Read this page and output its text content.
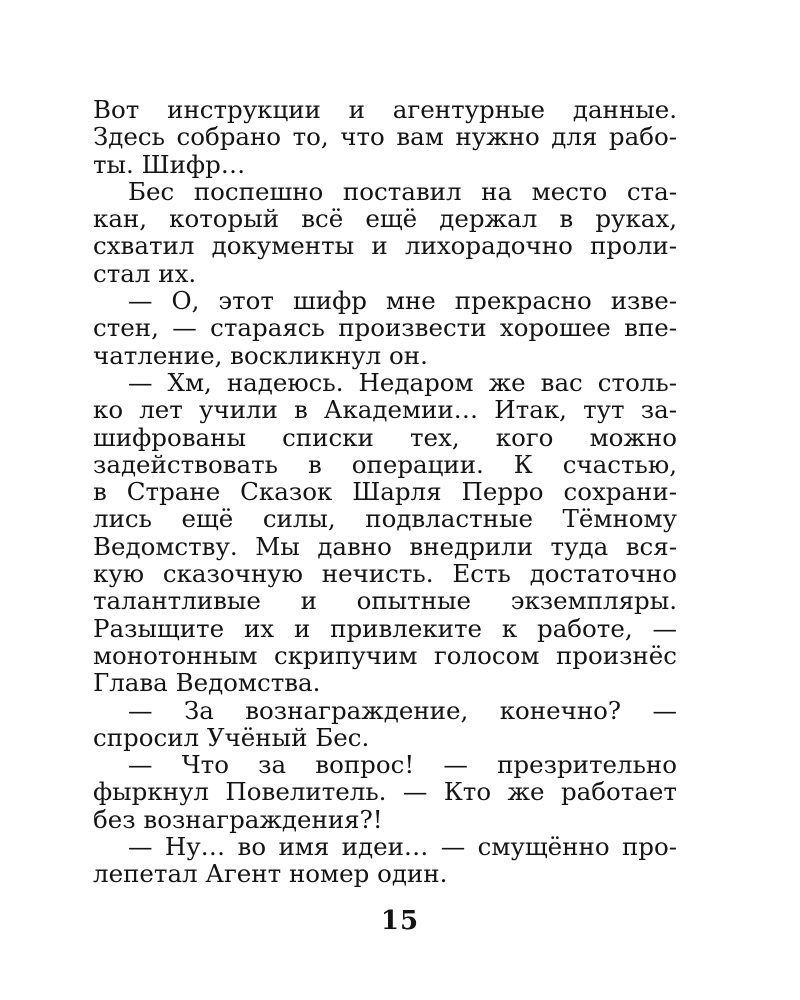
Вот инструкции и агентурные данные.
Здесь собрано то, что вам нужно для рабо-
ты. Шифр…
Бес поспешно поставил на место ста-
кан, который всё ещё держал в руках,
схватил документы и лихорадочно проли-
стал их.
— О, этот шифр мне прекрасно изве-
стен, — стараясь произвести хорошее впе-
чатление, воскликнул он.
— Хм, надеюсь. Недаром же вас столь-
ко лет учили в Академии… Итак, тут за-
шифрованы списки тех, кого можно
задействовать в операции. К счастью,
в Стране Сказок Шарля Перро сохрани-
лись ещё силы, подвластные Тёмному
Ведомству. Мы давно внедрили туда вся-
кую сказочную нечисть. Есть достаточно
талантливые и опытные экземпляры.
Разыщите их и привлеките к работе, —
монотонным скрипучим голосом произнёс
Глава Ведомства.
— За вознаграждение, конечно? —
спросил Учёный Бес.
— Что за вопрос! — презрительно
фыркнул Повелитель. — Кто же работает
без вознаграждения?!
— Ну… во имя идеи… — смущённо про-
лепетал Агент номер один.
15
